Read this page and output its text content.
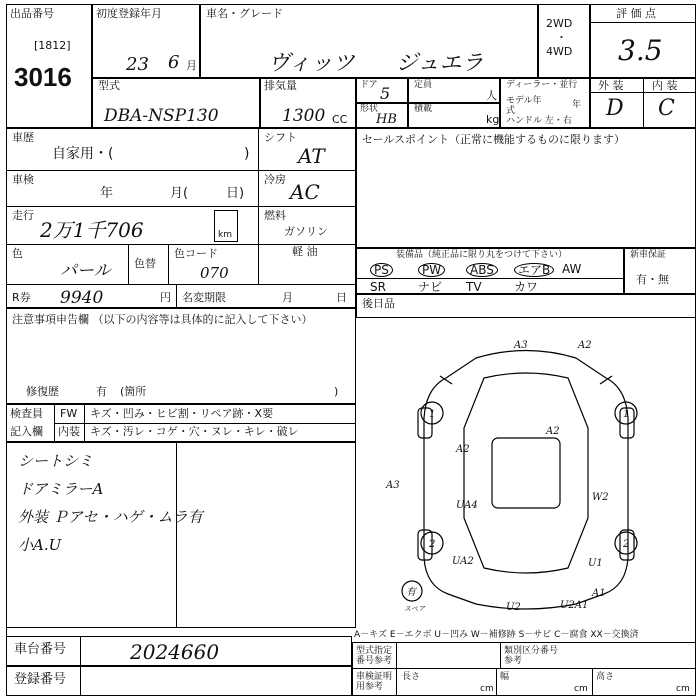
出品番号
[1812]
3016
初度登録年月
23 6 月
車名・グレード
ヴィッツ ジュエラ
2WD
・
4WD
評 価 点
3.5
型式
DBA-NSP130
排気量
1300 CC
ドア 5	定員
人
形状
HB
積載
kg
ディーラー・並行
モデル年式
年
ハンドル 左・右
外 装	内 装
D C
車歴
自家用・(	)
シフト
AT
車検
年	月(	日)
冷房
AC
走行
2万1千706	km
燃料
ガソリン
軽 油
色
パール 色替
色コード
070
R券 9940	円 名変期限	月	日
セールスポイント（正常に機能するものに限ります）
装備品（純正品に限り丸をつけて下さい）
PS	PW	ABS	エアB AW
SR	ナビ TV	カワ
新車保証
有・無
後日品
注意事項申告欄 （以下の内容等は具体的に記入して下さい）
修復歴	有 (箇所	)
検査員
記入欄
FW キズ・凹み・ヒビ割・リペア跡・X要
内装 キズ・汚レ・コゲ・穴・ヌレ・キレ・破レ
シートシミ
ドアミラーA
外装 Ｐアセ・ハゲ・ムラ有
小A.U
A3	A2
A2
A3
UA4
W2
A2
UA2
U2	U2A1
A1
U1
1	1
2	2
有
スペア
A－キズ E－エクボ U－凹み W－補修跡 S－サビ C－腐食 XX－交換済
車台番号	2024660
登録番号
型式指定番号参考
類別区分番号参考
車検証明用参考
長さ
cm
幅
cm
高さ
cm
